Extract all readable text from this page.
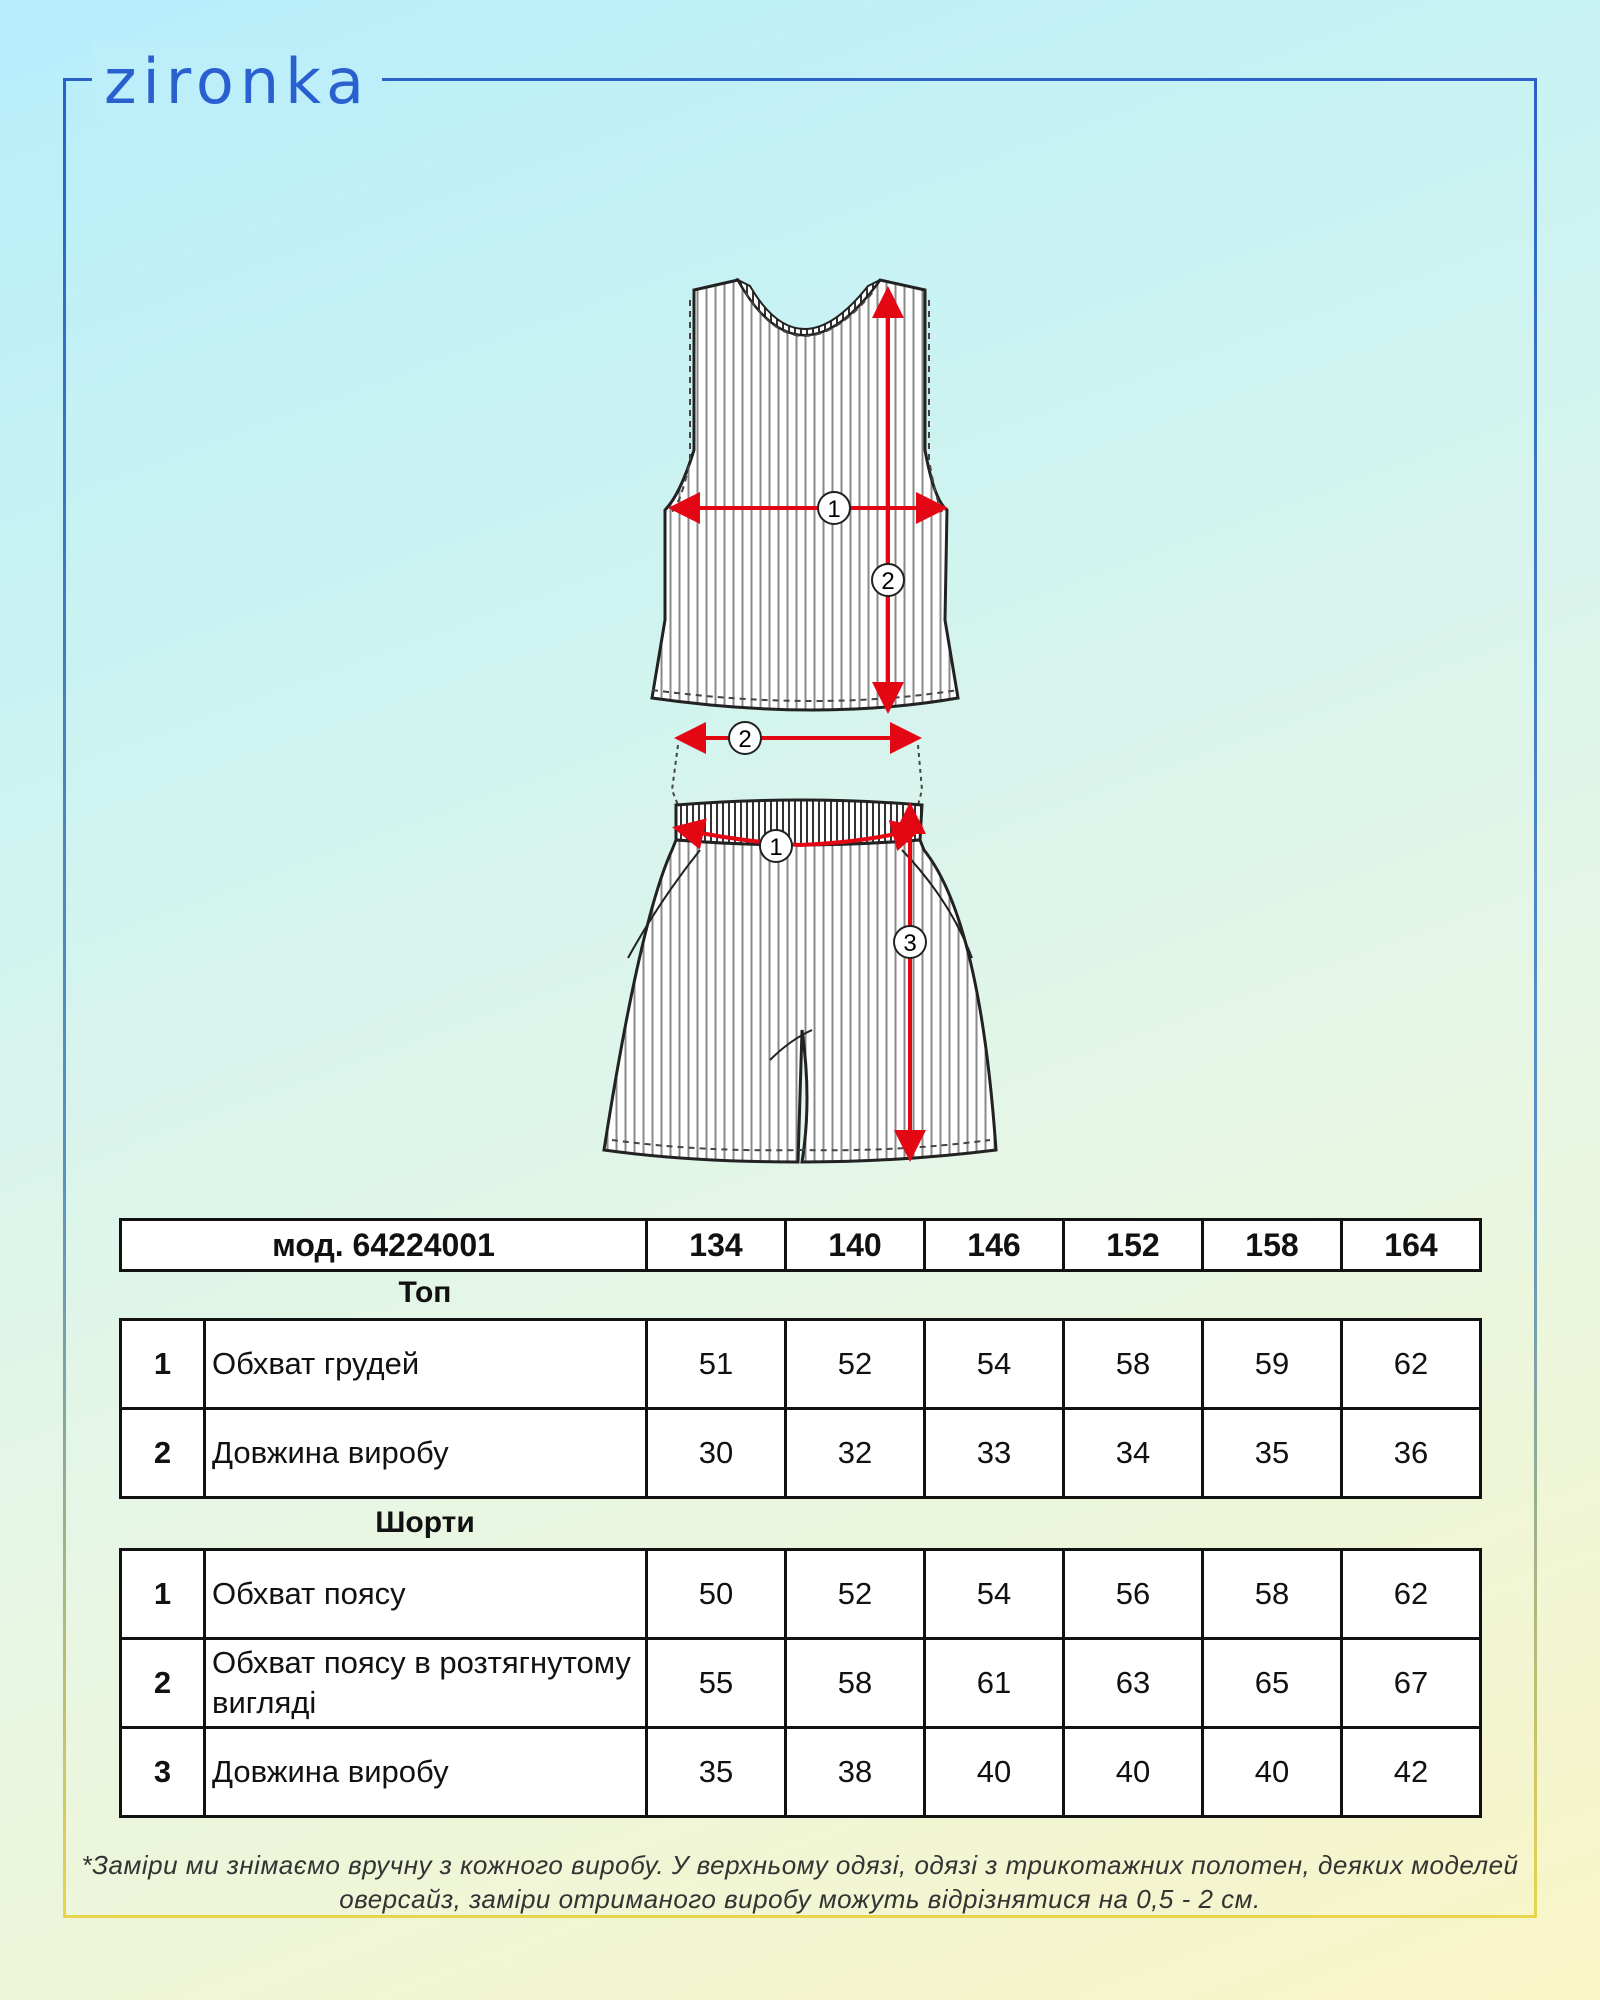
zironka
1
2
2
1
3
мод. 64224001	134	140	146	152	158	164
Топ
1	Обхват грудей	51	52	54	58	59	62
2	Довжина виробу	30	32	33	34	35	36
Шорти
1	Обхват поясу	50	52	54	56	58	62
2	Обхват поясу в розтягнутому вигляді	55	58	61	63	65	67
3	Довжина виробу	35	38	40	40	40	42
*Заміри ми знімаємо вручну з кожного виробу. У верхньому одязі, одязі з трикотажних полотен, деяких моделей оверсайз, заміри отриманого виробу можуть відрізнятися на 0,5 - 2 см.
